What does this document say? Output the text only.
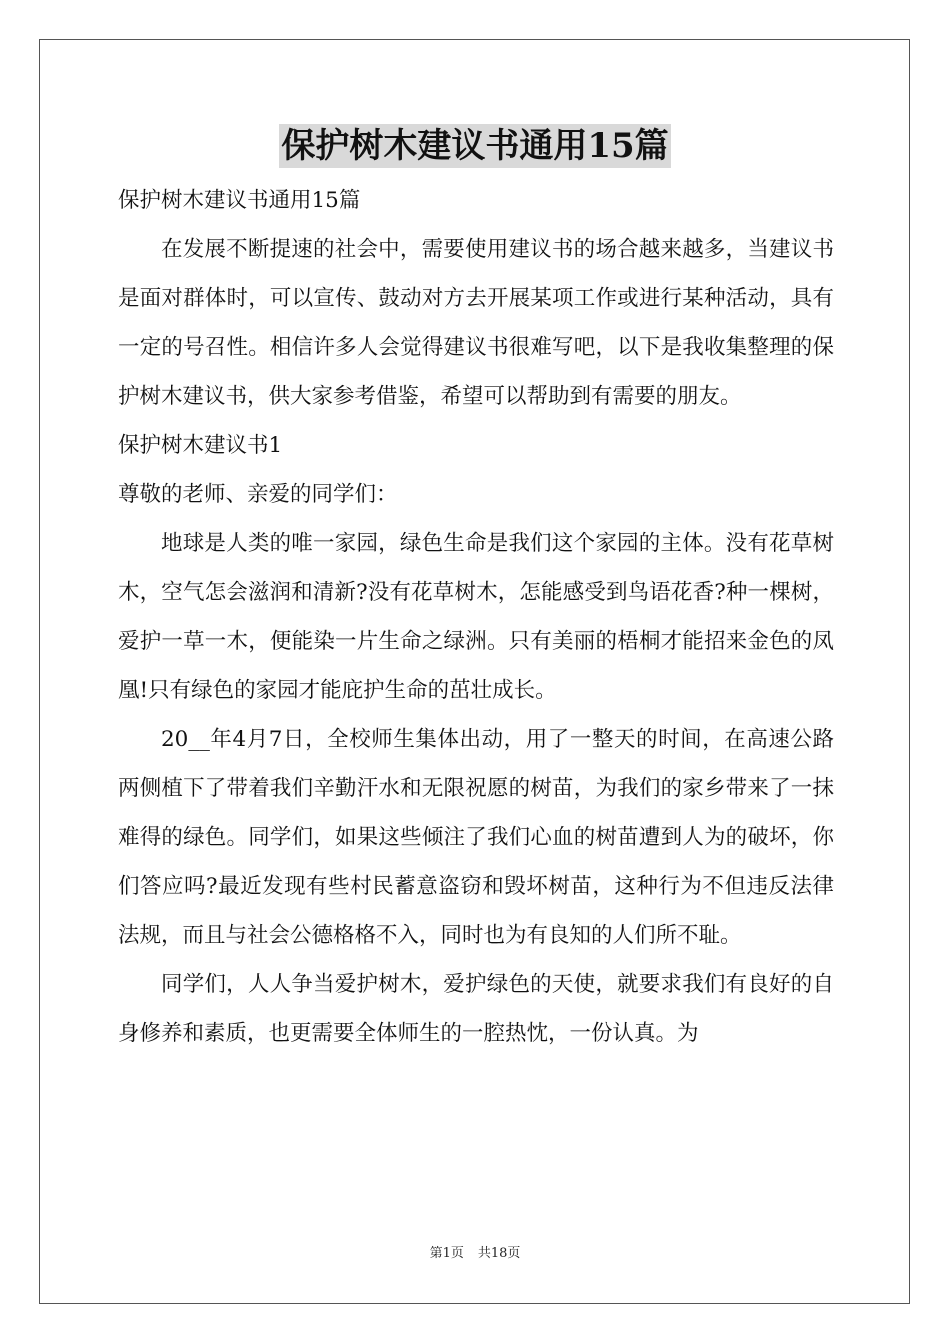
保护树木建议书通用15篇

保护树木建议书通用15篇

在发展不断提速的社会中，需要使用建议书的场合越来越多，当建议书是面对群体时，可以宣传、鼓动对方去开展某项工作或进行某种活动，具有一定的号召性。相信许多人会觉得建议书很难写吧，以下是我收集整理的保护树木建议书，供大家参考借鉴，希望可以帮助到有需要的朋友。

保护树木建议书1

尊敬的老师、亲爱的同学们：

地球是人类的唯一家园，绿色生命是我们这个家园的主体。没有花草树木，空气怎会滋润和清新?没有花草树木，怎能感受到鸟语花香?种一棵树，爱护一草一木，便能染一片生命之绿洲。只有美丽的梧桐才能招来金色的凤凰!只有绿色的家园才能庇护生命的茁壮成长。

20__年4月7日，全校师生集体出动，用了一整天的时间，在高速公路两侧植下了带着我们辛勤汗水和无限祝愿的树苗，为我们的家乡带来了一抹难得的绿色。同学们，如果这些倾注了我们心血的树苗遭到人为的破坏，你们答应吗?最近发现有些村民蓄意盗窃和毁坏树苗，这种行为不但违反法律法规，而且与社会公德格格不入，同时也为有良知的人们所不耻。

同学们，人人争当爱护树木，爱护绿色的天使，就要求我们有良好的自身修养和素质，也更需要全体师生的一腔热忱，一份认真。为

第1页 共18页
